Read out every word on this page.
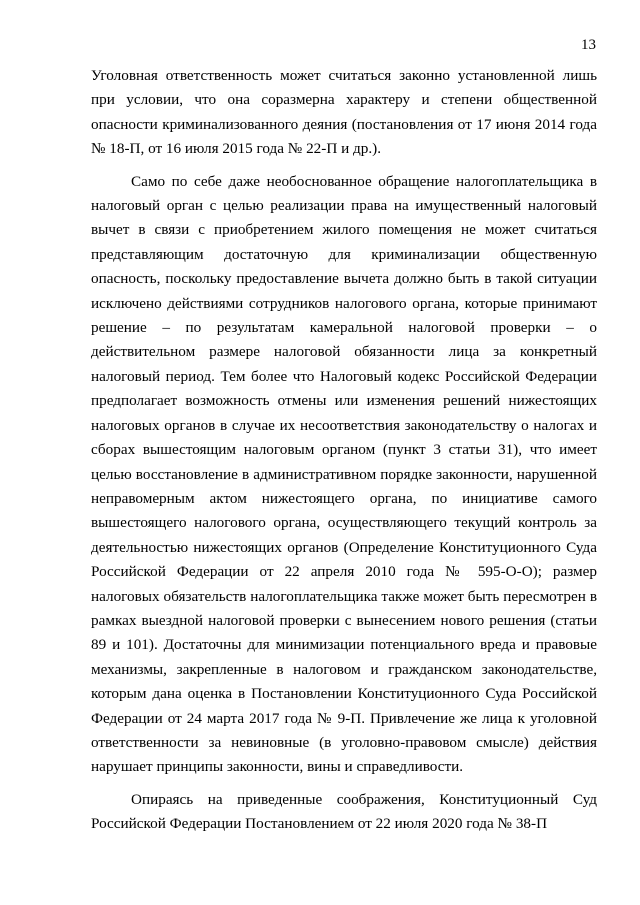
13

Уголовная ответственность может считаться законно установленной лишь при условии, что она соразмерна характеру и степени общественной опасности криминализованного деяния (постановления от 17 июня 2014 года № 18-П, от 16 июля 2015 года № 22-П и др.).

Само по себе даже необоснованное обращение налогоплательщика в налоговый орган с целью реализации права на имущественный налоговый вычет в связи с приобретением жилого помещения не может считаться представляющим достаточную для криминализации общественную опасность, поскольку предоставление вычета должно быть в такой ситуации исключено действиями сотрудников налогового органа, которые принимают решение – по результатам камеральной налоговой проверки – о действительном размере налоговой обязанности лица за конкретный налоговый период. Тем более что Налоговый кодекс Российской Федерации предполагает возможность отмены или изменения решений нижестоящих налоговых органов в случае их несоответствия законодательству о налогах и сборах вышестоящим налоговым органом (пункт 3 статьи 31), что имеет целью восстановление в административном порядке законности, нарушенной неправомерным актом нижестоящего органа, по инициативе самого вышестоящего налогового органа, осуществляющего текущий контроль за деятельностью нижестоящих органов (Определение Конституционного Суда Российской Федерации от 22 апреля 2010 года № 595-О-О); размер налоговых обязательств налогоплательщика также может быть пересмотрен в рамках выездной налоговой проверки с вынесением нового решения (статьи 89 и 101). Достаточны для минимизации потенциального вреда и правовые механизмы, закрепленные в налоговом и гражданском законодательстве, которым дана оценка в Постановлении Конституционного Суда Российской Федерации от 24 марта 2017 года № 9-П. Привлечение же лица к уголовной ответственности за невиновные (в уголовно-правовом смысле) действия нарушает принципы законности, вины и справедливости.

Опираясь на приведенные соображения, Конституционный Суд Российской Федерации Постановлением от 22 июля 2020 года № 38-П
